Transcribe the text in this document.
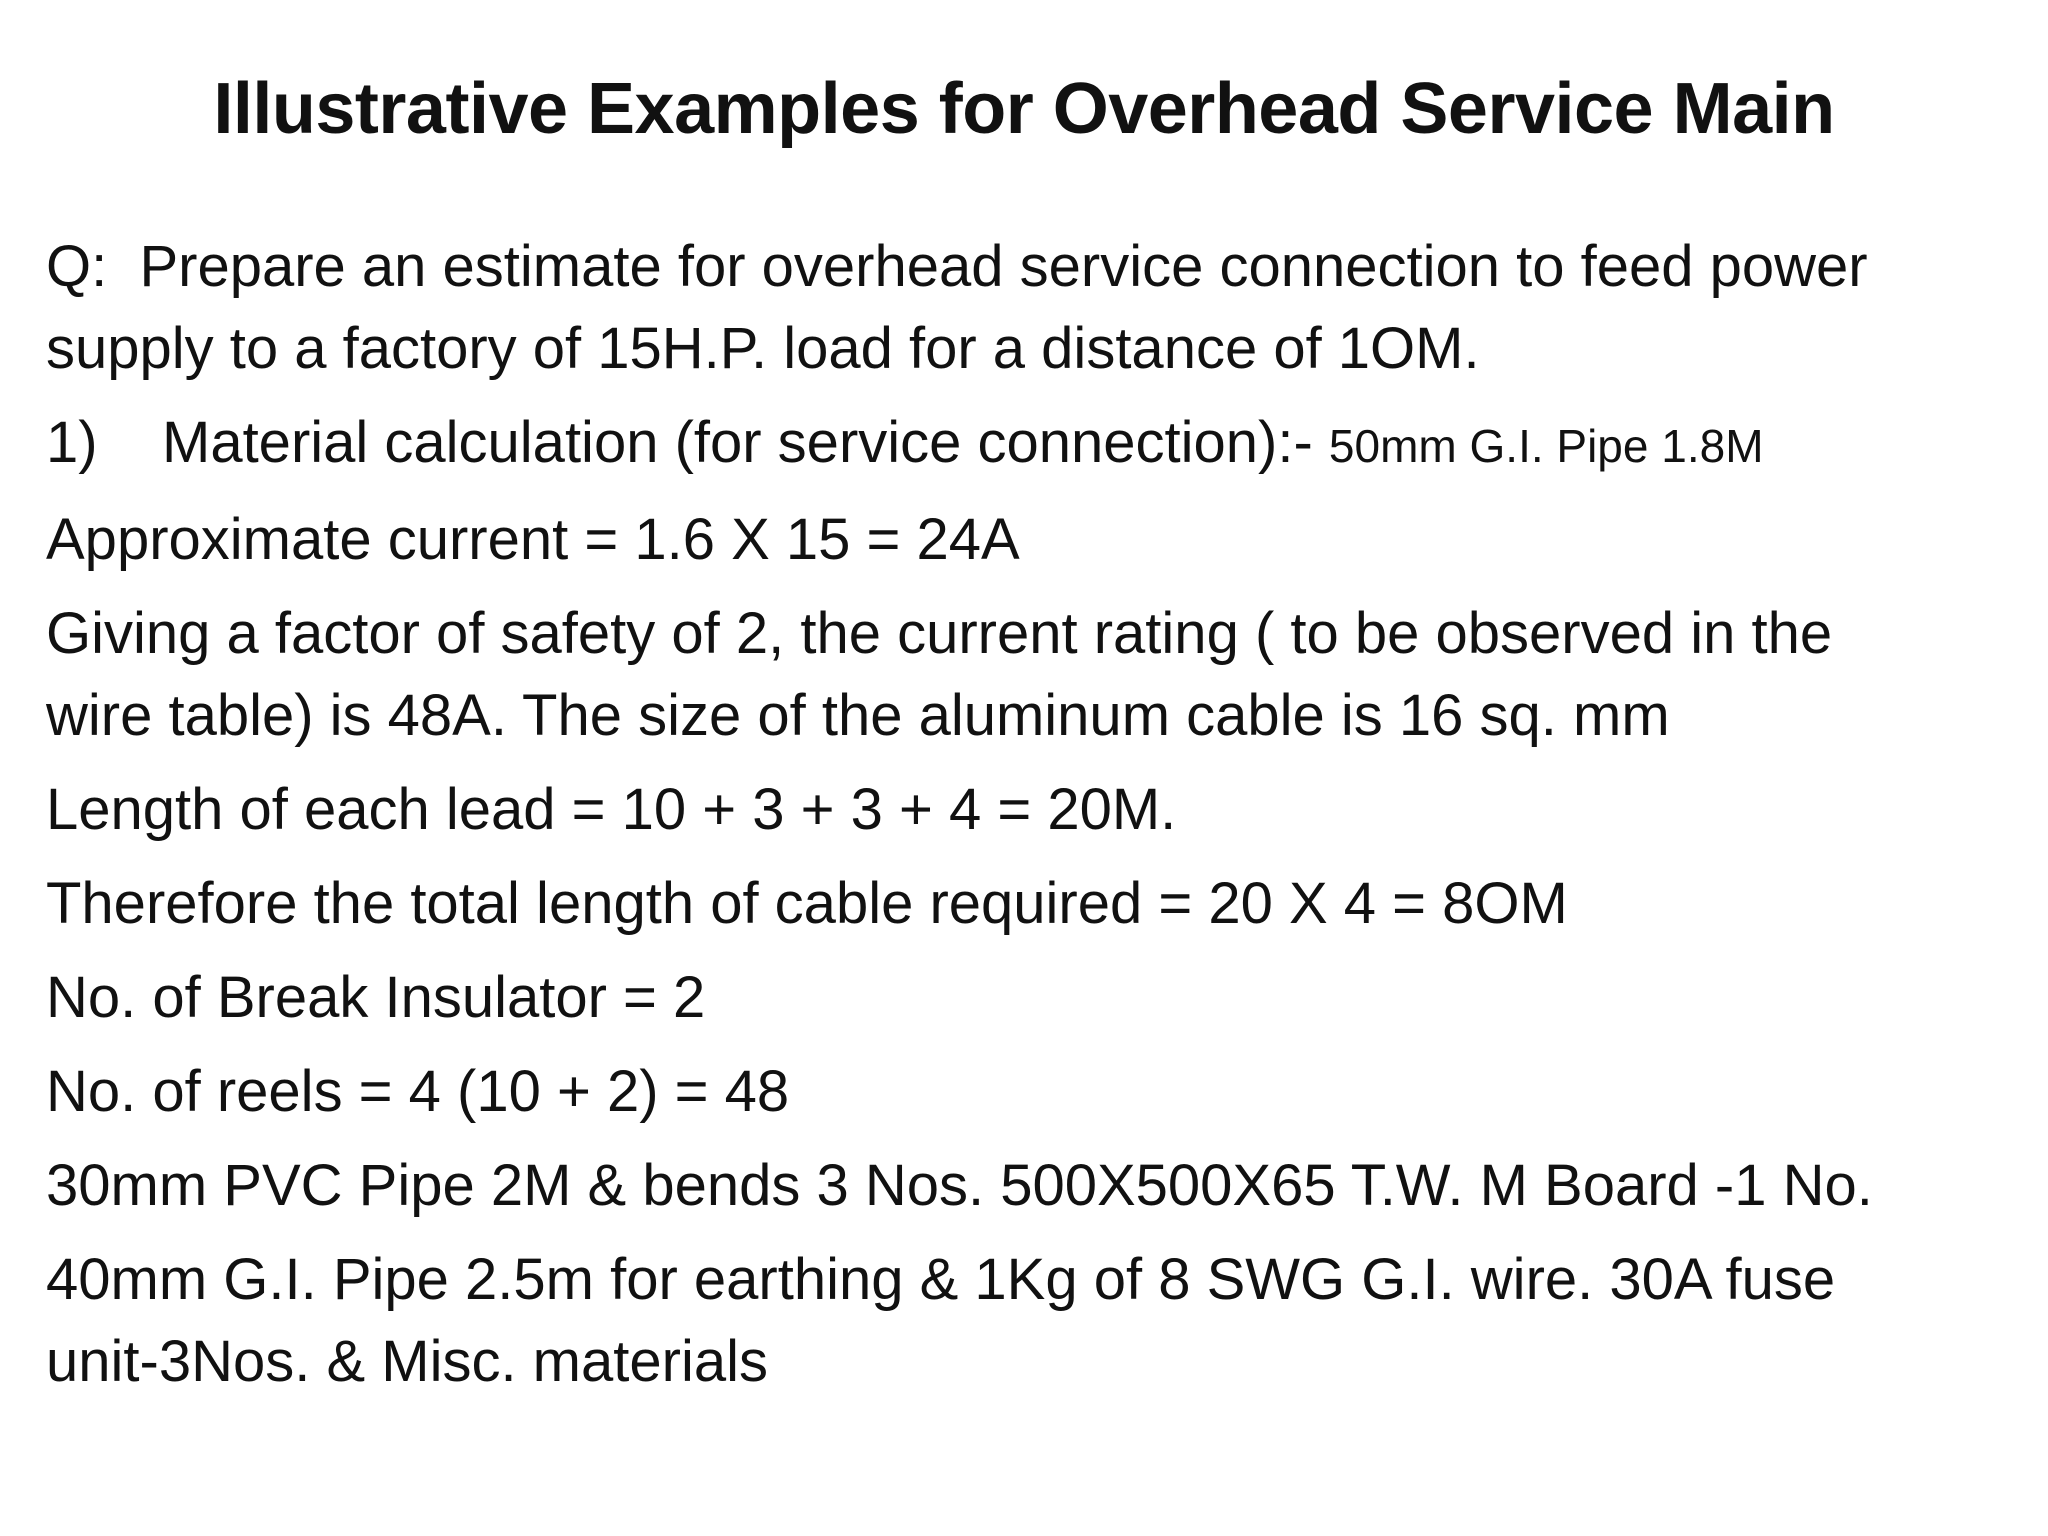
Illustrative Examples for Overhead Service Main
Q: Prepare an estimate for overhead service connection to feed power
supply to a factory of 15H.P. load for a distance of 1OM.
1) Material calculation (for service connection):- 50mm G.I. Pipe 1.8M
Approximate current = 1.6 X 15 = 24A
Giving a factor of safety of 2, the current rating ( to be observed in the
wire table) is 48A. The size of the aluminum cable is 16 sq. mm
Length of each lead = 10 + 3 + 3 + 4 = 20M.
Therefore the total length of cable required = 20 X 4 = 8OM
No. of Break Insulator = 2
No. of reels = 4 (10 + 2) = 48
30mm PVC Pipe 2M & bends 3 Nos. 500X500X65 T.W. M Board -1 No.
40mm G.I. Pipe 2.5m for earthing & 1Kg of 8 SWG G.I. wire. 30A fuse
unit-3Nos. & Misc. materials
